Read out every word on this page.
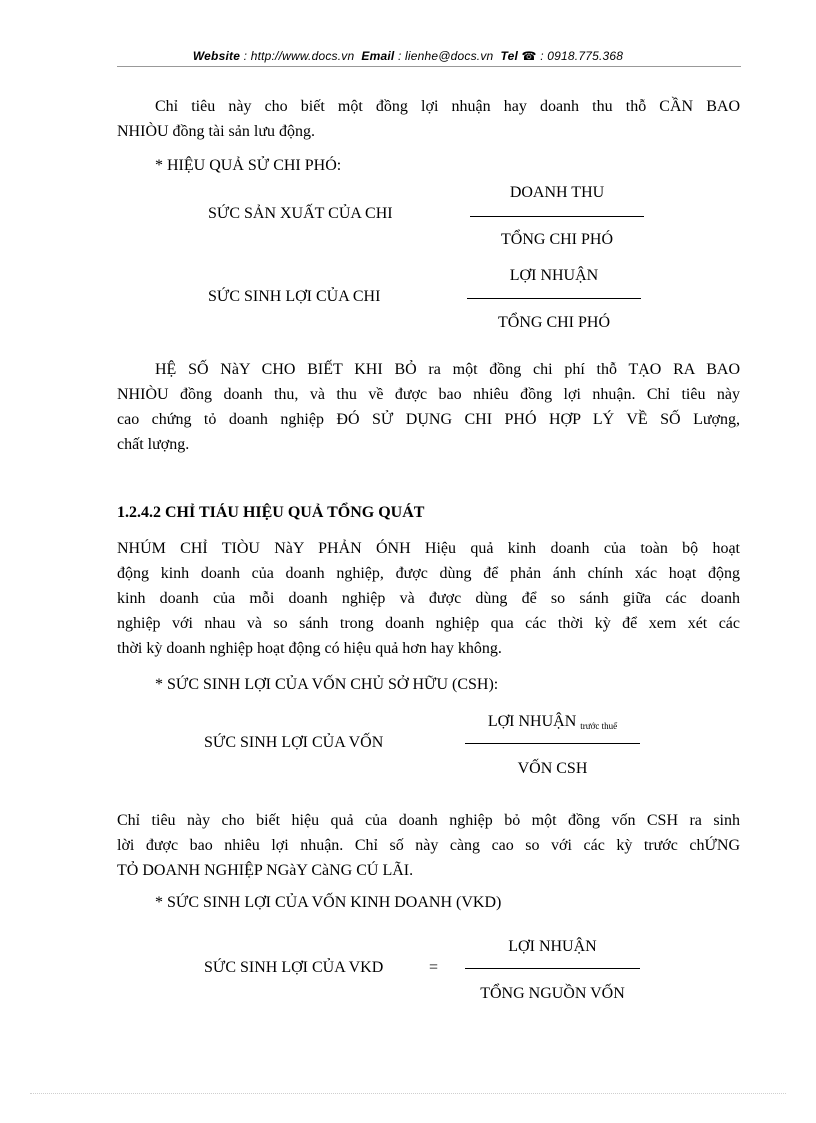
Website : http://www.docs.vn Email : lienhe@docs.vn Tel ☎ : 0918.775.368
Chỉ tiêu này cho biết một đồng lợi nhuận hay doanh thu thỗ CẦN BAO
NHIÒU đồng tài sản lưu động.
* HIỆU QUẢ SỬ CHI PHÓ:
SỨC SẢN XUẤT CỦA CHI
DOANH THU
TỔNG CHI PHÓ
SỨC SINH LỢI CỦA CHI
LỢI NHUẬN
TỔNG CHI PHÓ
HỆ SỐ NàY CHO BIẾT KHI BỎ ra một đồng chi phí thỗ TẠO RA BAO
NHIÒU đồng doanh thu, và thu về được bao nhiêu đồng lợi nhuận. Chỉ tiêu này
cao chứng tỏ doanh nghiệp ĐÓ SỬ DỤNG CHI PHÓ HỢP LÝ VỀ SỐ Lượng,
chất lượng.
1.2.4.2 CHỈ TIÁU HIỆU QUẢ TỔNG QUÁT
NHÚM CHỈ TIÒU NàY PHẢN ÓNH Hiệu quả kinh doanh của toàn bộ hoạt
động kinh doanh của doanh nghiệp, được dùng để phản ánh chính xác hoạt động
kinh doanh của mỗi doanh nghiệp và được dùng để so sánh giữa các doanh
nghiệp với nhau và so sánh trong doanh nghiệp qua các thời kỳ để xem xét các
thời kỳ doanh nghiệp hoạt động có hiệu quả hơn hay không.
* SỨC SINH LỢI CỦA VỐN CHỦ SỞ HỮU (CSH):
SỨC SINH LỢI CỦA VỐN
LỢI NHUẬN $_{trước thuế}$
VỐN CSH
Chỉ tiêu này cho biết hiệu quả của doanh nghiệp bỏ một đồng vốn CSH ra sinh
lời được bao nhiêu lợi nhuận. Chỉ số này càng cao so với các kỳ trước chỨNG
TỎ DOANH NGHIỆP NGàY CàNG CÚ LÃI.
* SỨC SINH LỢI CỦA VỐN KINH DOANH (VKD)
SỨC SINH LỢI CỦA VKD	=
LỢI NHUẬN
TỔNG NGUỒN VỐN
